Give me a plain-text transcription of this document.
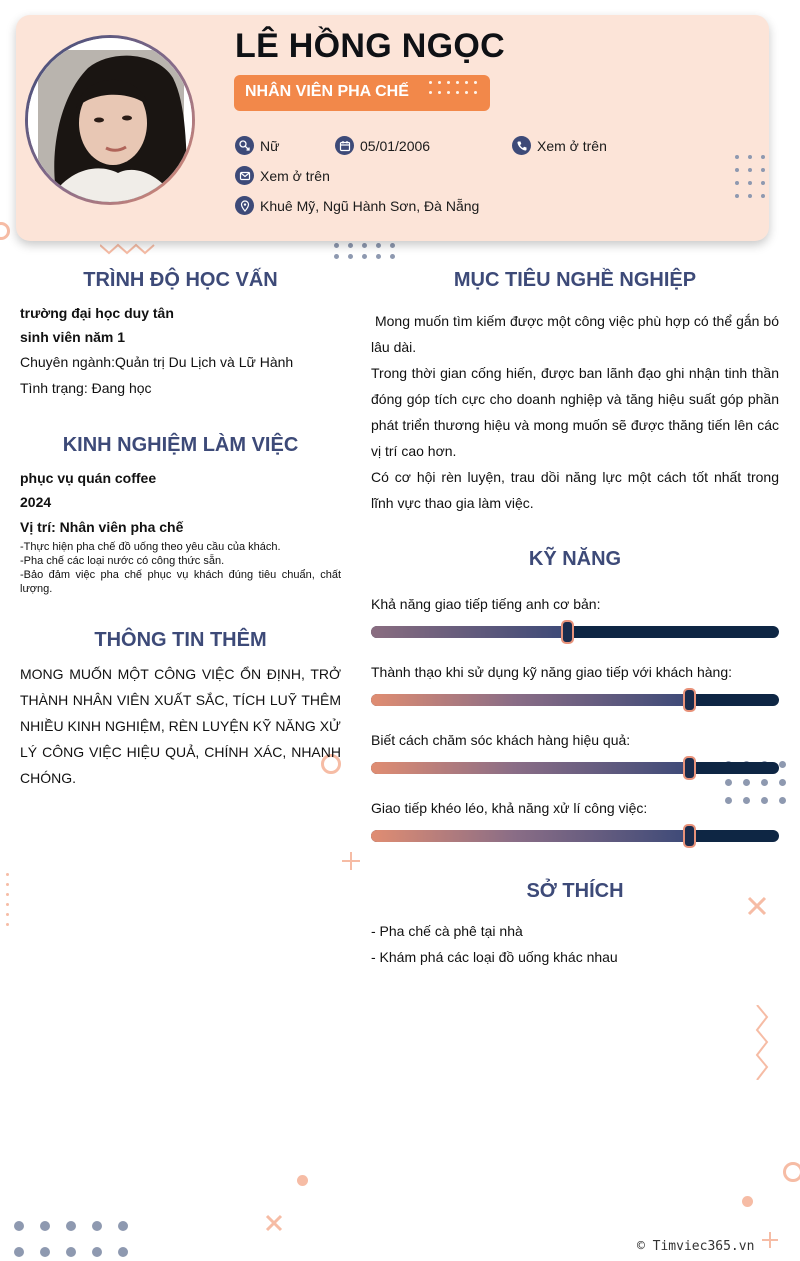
LÊ HỒNG NGỌC
NHÂN VIÊN PHA CHẾ
Nữ	05/01/2006	Xem ở trên
Xem ở trên
Khuê Mỹ, Ngũ Hành Sơn, Đà Nẵng
TRÌNH ĐỘ HỌC VẤN
trường đại học duy tân
sinh viên năm 1
Chuyên ngành:Quản trị Du Lịch và Lữ Hành
Tình trạng: Đang học
KINH NGHIỆM LÀM VIỆC
phục vụ quán coffee
2024
Vị trí: Nhân viên pha chế
-Thực hiện pha chế đồ uống theo yêu cầu của khách.
-Pha chế các loại nước có công thức sẵn.
-Bảo đảm việc pha chế phục vụ khách đúng tiêu chuẩn, chất lượng.
THÔNG TIN THÊM
MONG MUỐN MỘT CÔNG VIỆC ỔN ĐỊNH, TRỞ THÀNH NHÂN VIÊN XUẤT SẮC, TÍCH LUỸ THÊM NHIỀU KINH NGHIỆM, RÈN LUYỆN KỸ NĂNG XỬ LÝ CÔNG VIỆC HIỆU QUẢ, CHÍNH XÁC, NHANH CHÓNG.
MỤC TIÊU NGHỀ NGHIỆP
Mong muốn tìm kiếm được một công việc phù hợp có thể gắn bó lâu dài.
Trong thời gian cống hiến, được ban lãnh đạo ghi nhận tinh thần đóng góp tích cực cho doanh nghiệp và tăng hiệu suất góp phần phát triển thương hiệu và mong muốn sẽ được thăng tiến lên các vị trí cao hơn.
Có cơ hội rèn luyện, trau dồi năng lực một cách tốt nhất trong lĩnh vực thao gia làm việc.
KỸ NĂNG
Khả năng giao tiếp tiếng anh cơ bản:
Thành thạo khi sử dụng kỹ năng giao tiếp với khách hàng:
Biết cách chăm sóc khách hàng hiệu quả:
Giao tiếp khéo léo, khả năng xử lí công việc:
SỞ THÍCH
- Pha chế cà phê tại nhà
- Khám phá các loại đồ uống khác nhau
© Timviec365.vn
